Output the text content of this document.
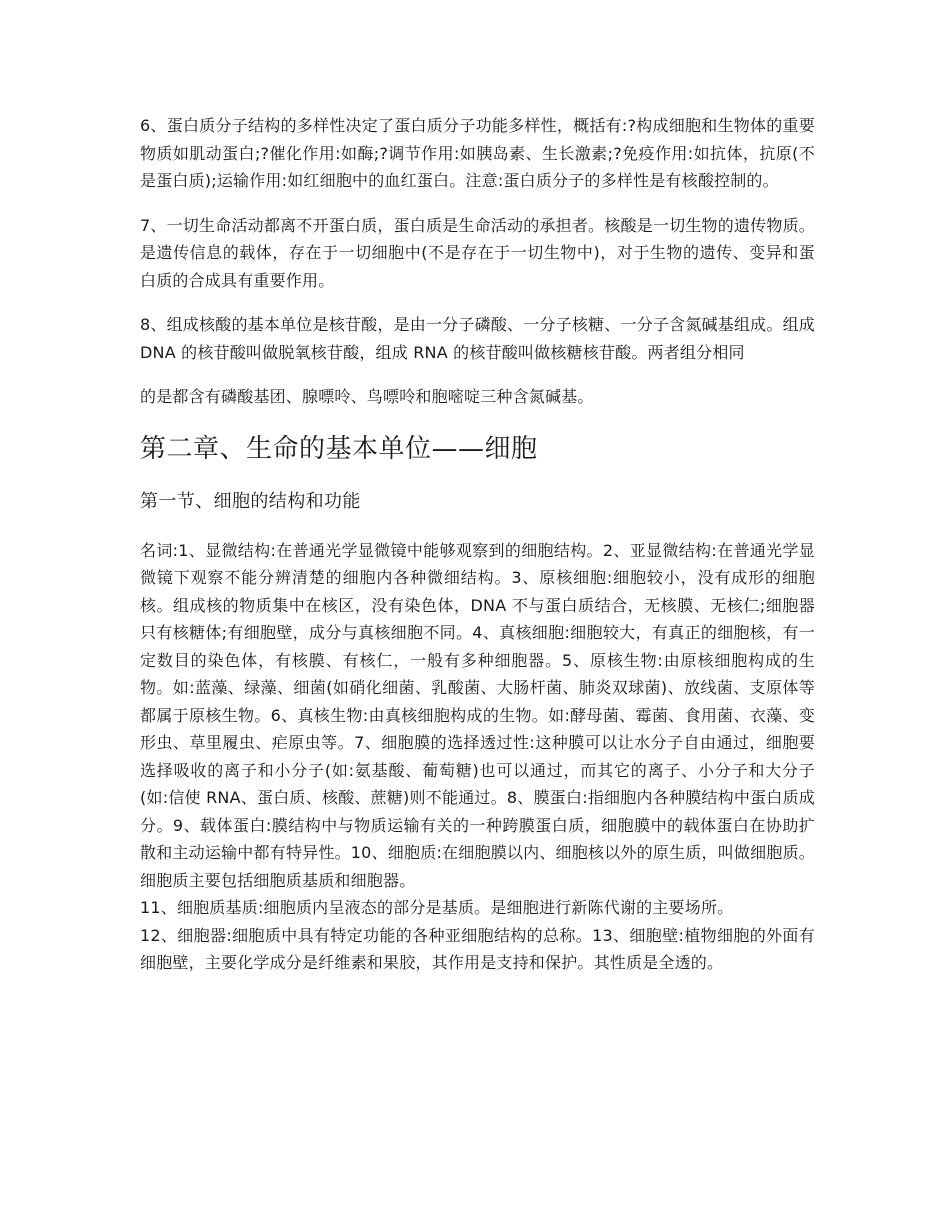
6、蛋白质分子结构的多样性决定了蛋白质分子功能多样性，概括有:?构成细胞和生物体的重要物质如肌动蛋白;?催化作用:如酶;?调节作用:如胰岛素、生长激素;?免疫作用:如抗体，抗原(不是蛋白质);运输作用:如红细胞中的血红蛋白。注意:蛋白质分子的多样性是有核酸控制的。

7、一切生命活动都离不开蛋白质，蛋白质是生命活动的承担者。核酸是一切生物的遗传物质。是遗传信息的载体，存在于一切细胞中(不是存在于一切生物中)，对于生物的遗传、变异和蛋白质的合成具有重要作用。

8、组成核酸的基本单位是核苷酸，是由一分子磷酸、一分子核糖、一分子含氮碱基组成。组成 DNA 的核苷酸叫做脱氧核苷酸，组成 RNA 的核苷酸叫做核糖核苷酸。两者组分相同

的是都含有磷酸基团、腺嘌呤、鸟嘌呤和胞嘧啶三种含氮碱基。

第二章、生命的基本单位——细胞
第一节、细胞的结构和功能

名词:1、显微结构:在普通光学显微镜中能够观察到的细胞结构。2、亚显微结构:在普通光学显微镜下观察不能分辨清楚的细胞内各种微细结构。3、原核细胞:细胞较小，没有成形的细胞核。组成核的物质集中在核区，没有染色体，DNA 不与蛋白质结合，无核膜、无核仁;细胞器只有核糖体;有细胞壁，成分与真核细胞不同。4、真核细胞:细胞较大，有真正的细胞核，有一定数目的染色体，有核膜、有核仁，一般有多种细胞器。5、原核生物:由原核细胞构成的生物。如:蓝藻、绿藻、细菌(如硝化细菌、乳酸菌、大肠杆菌、肺炎双球菌)、放线菌、支原体等都属于原核生物。6、真核生物:由真核细胞构成的生物。如:酵母菌、霉菌、食用菌、衣藻、变形虫、草里履虫、疟原虫等。7、细胞膜的选择透过性:这种膜可以让水分子自由通过，细胞要选择吸收的离子和小分子(如:氨基酸、葡萄糖)也可以通过，而其它的离子、小分子和大分子(如:信使 RNA、蛋白质、核酸、蔗糖)则不能通过。8、膜蛋白:指细胞内各种膜结构中蛋白质成分。9、载体蛋白:膜结构中与物质运输有关的一种跨膜蛋白质，细胞膜中的载体蛋白在协助扩散和主动运输中都有特异性。10、细胞质:在细胞膜以内、细胞核以外的原生质，叫做细胞质。细胞质主要包括细胞质基质和细胞器。

11、细胞质基质:细胞质内呈液态的部分是基质。是细胞进行新陈代谢的主要场所。

12、细胞器:细胞质中具有特定功能的各种亚细胞结构的总称。13、细胞壁:植物细胞的外面有细胞壁，主要化学成分是纤维素和果胶，其作用是支持和保护。其性质是全透的。
